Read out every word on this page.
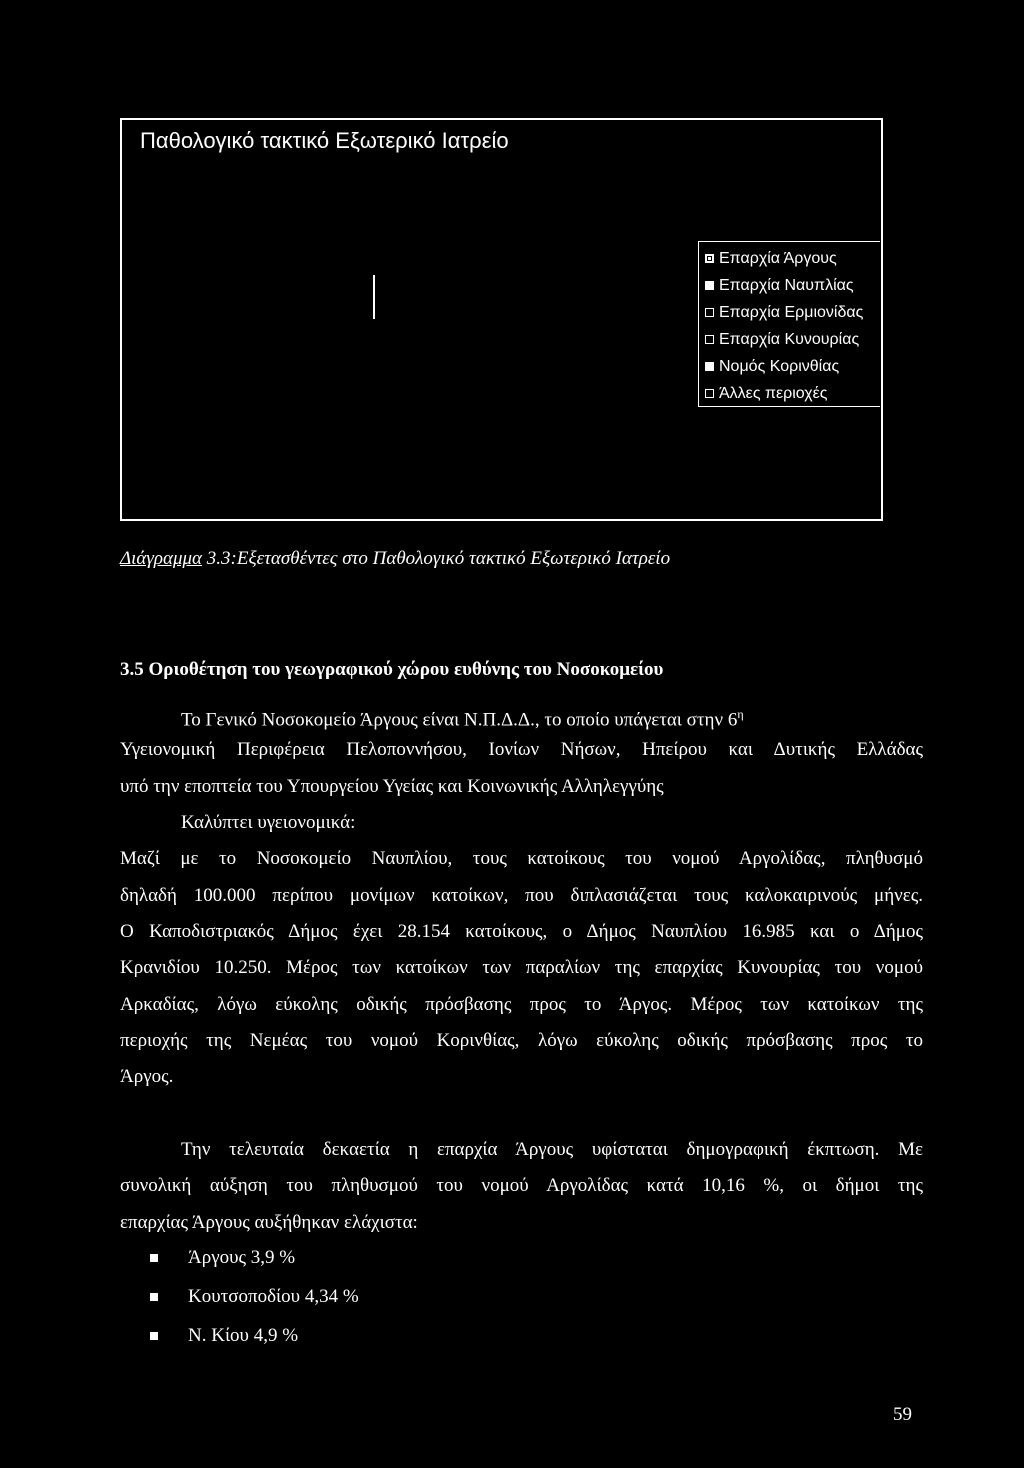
Παθολογικό τακτικό Εξωτερικό Ιατρείο
Επαρχία Άργους
Επαρχία Ναυπλίας
Επαρχία Ερμιονίδας
Επαρχία Κυνουρίας
Νομός Κορινθίας
Άλλες περιοχές
Διάγραμμα 3.3:Εξετασθέντες στο Παθολογικό τακτικό Εξωτερικό Ιατρείο
3.5 Οριοθέτηση του γεωγραφικού χώρου ευθύνης του Νοσοκομείου
Το Γενικό Νοσοκομείο Άργους είναι Ν.Π.Δ.Δ., το οποίο υπάγεται στην $6^\eta$
Υγειονομική Περιφέρεια Πελοποννήσου, Ιονίων Νήσων, Ηπείρου και Δυτικής Ελλάδας
υπό την εποπτεία του Υπουργείου Υγείας και Κοινωνικής Αλληλεγγύης
Καλύπτει υγειονομικά:
Μαζί με το Νοσοκομείο Ναυπλίου, τους κατοίκους του νομού Αργολίδας, πληθυσμό
δηλαδή 100.000 περίπου μονίμων κατοίκων, που διπλασιάζεται τους καλοκαιρινούς μήνες.
Ο Καποδιστριακός Δήμος έχει 28.154 κατοίκους, ο Δήμος Ναυπλίου 16.985 και ο Δήμος
Κρανιδίου 10.250. Μέρος των κατοίκων των παραλίων της επαρχίας Κυνουρίας του νομού
Αρκαδίας, λόγω εύκολης οδικής πρόσβασης προς το Άργος. Μέρος των κατοίκων της
περιοχής της Νεμέας του νομού Κορινθίας, λόγω εύκολης οδικής πρόσβασης προς το
Άργος.
Την τελευταία δεκαετία η επαρχία Άργους υφίσταται δημογραφική έκπτωση. Με
συνολική αύξηση του πληθυσμού του νομού Αργολίδας κατά 10,16 %, οι δήμοι της
επαρχίας Άργους αυξήθηκαν ελάχιστα:
Άργους 3,9 %
Κουτσοποδίου 4,34 %
Ν. Κίου 4,9 %
59
